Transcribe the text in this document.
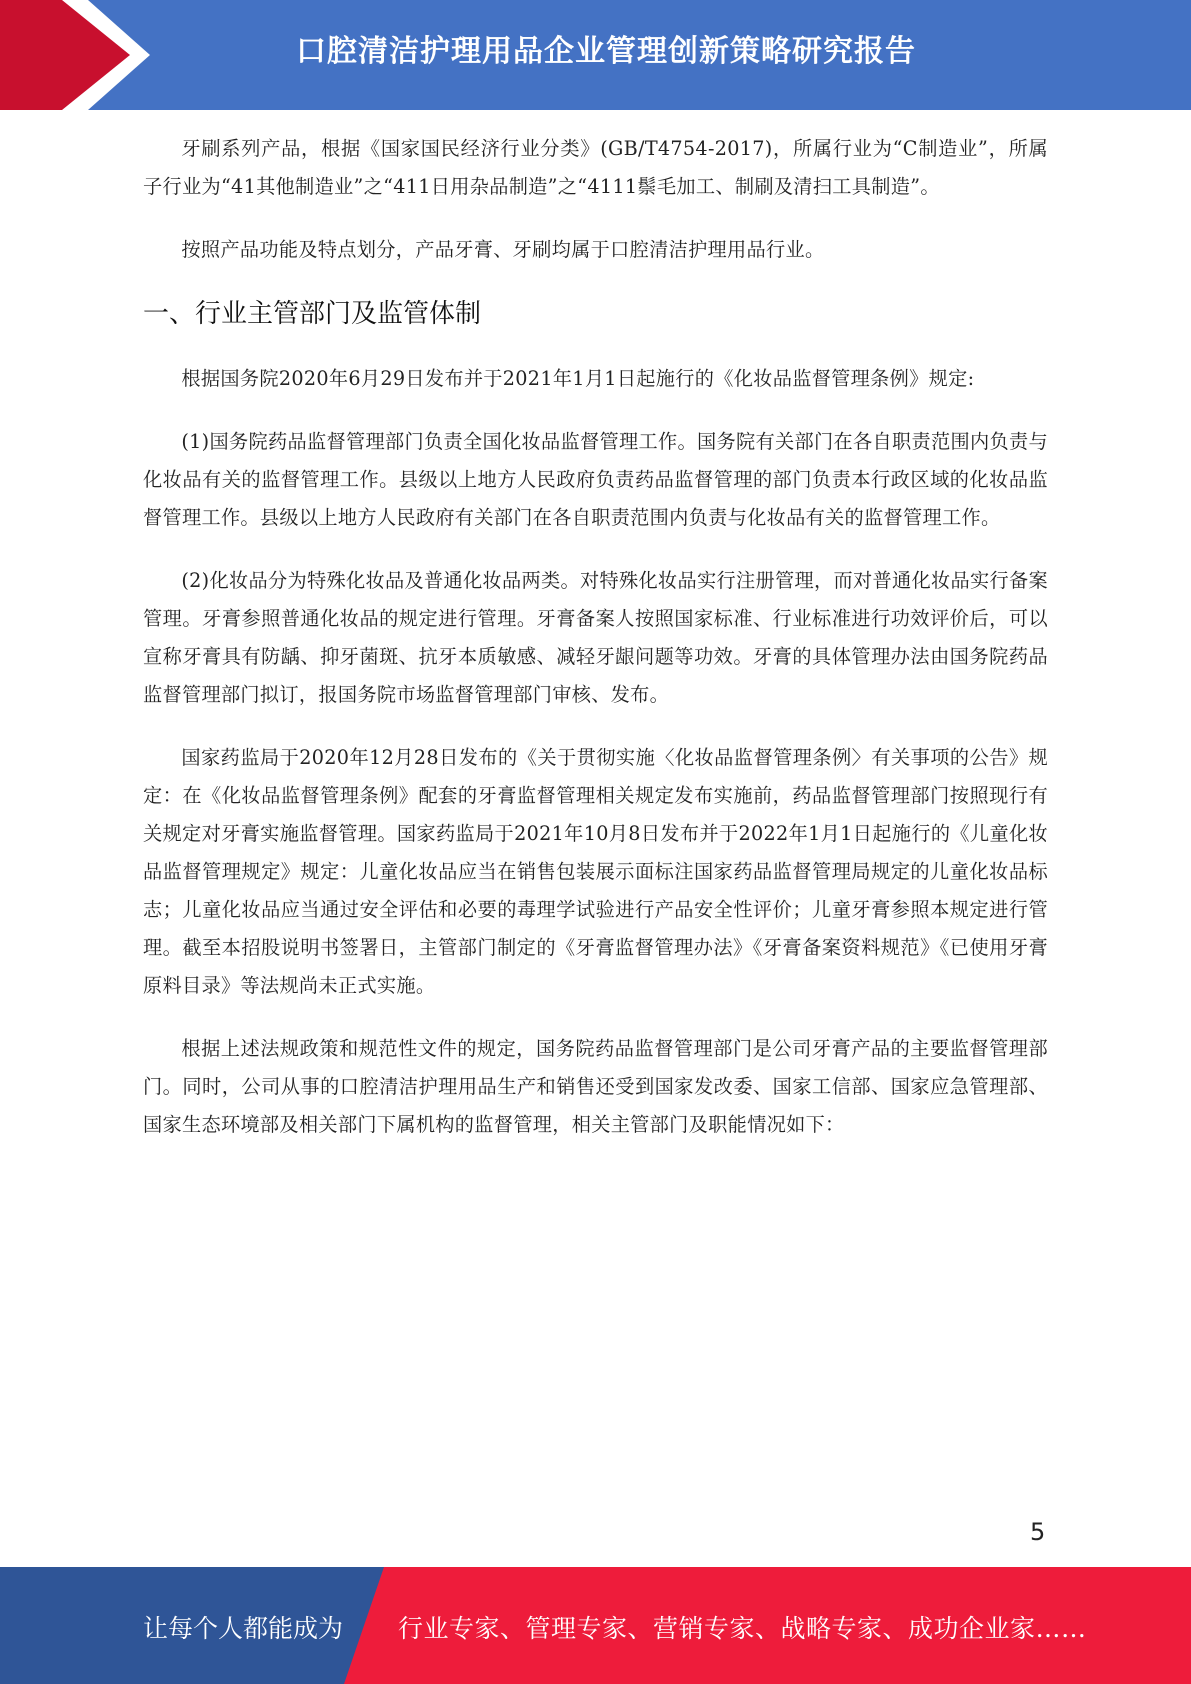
口腔清洁护理用品企业管理创新策略研究报告

牙刷系列产品，根据《国家国民经济行业分类》(GB/T4754-2017)，所属行业为“C制造业”，所属子行业为“41其他制造业”之“411日用杂品制造”之“4111鬃毛加工、制刷及清扫工具制造”。

按照产品功能及特点划分，产品牙膏、牙刷均属于口腔清洁护理用品行业。

一、行业主管部门及监管体制

根据国务院2020年6月29日发布并于2021年1月1日起施行的《化妆品监督管理条例》规定:

(1)国务院药品监督管理部门负责全国化妆品监督管理工作。国务院有关部门在各自职责范围内负责与化妆品有关的监督管理工作。县级以上地方人民政府负责药品监督管理的部门负责本行政区域的化妆品监督管理工作。县级以上地方人民政府有关部门在各自职责范围内负责与化妆品有关的监督管理工作。

(2)化妆品分为特殊化妆品及普通化妆品两类。对特殊化妆品实行注册管理，而对普通化妆品实行备案管理。牙膏参照普通化妆品的规定进行管理。牙膏备案人按照国家标准、行业标准进行功效评价后，可以宣称牙膏具有防龋、抑牙菌斑、抗牙本质敏感、减轻牙龈问题等功效。牙膏的具体管理办法由国务院药品监督管理部门拟订，报国务院市场监督管理部门审核、发布。

国家药监局于2020年12月28日发布的《关于贯彻实施〈化妆品监督管理条例〉有关事项的公告》规定：在《化妆品监督管理条例》配套的牙膏监督管理相关规定发布实施前，药品监督管理部门按照现行有关规定对牙膏实施监督管理。国家药监局于2021年10月8日发布并于2022年1月1日起施行的《儿童化妆品监督管理规定》规定：儿童化妆品应当在销售包装展示面标注国家药品监督管理局规定的儿童化妆品标志；儿童化妆品应当通过安全评估和必要的毒理学试验进行产品安全性评价；儿童牙膏参照本规定进行管理。截至本招股说明书签署日，主管部门制定的《牙膏监督管理办法》《牙膏备案资料规范》《已使用牙膏原料目录》等法规尚未正式实施。

根据上述法规政策和规范性文件的规定，国务院药品监督管理部门是公司牙膏产品的主要监督管理部门。同时，公司从事的口腔清洁护理用品生产和销售还受到国家发改委、国家工信部、国家应急管理部、国家生态环境部及相关部门下属机构的监督管理，相关主管部门及职能情况如下：

5
让每个人都能成为 行业专家、管理专家、营销专家、战略专家、成功企业家……
